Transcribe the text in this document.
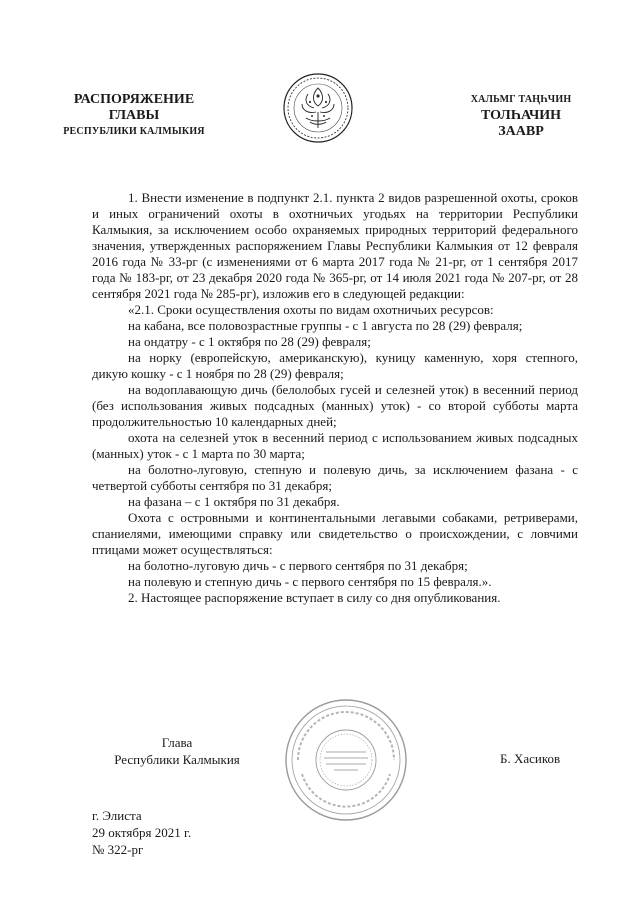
РАСПОРЯЖЕНИЕ
ГЛАВЫ
РЕСПУБЛИКИ КАЛМЫКИЯ
ХАЛЬМГ ТАҢҺЧИН
ТОЛҺАЧИН
ЗААВР

1. Внести изменение в подпункт 2.1. пункта 2 видов разрешенной охоты, сроков и иных ограничений охоты в охотничьих угодьях на территории Республики Калмыкия, за исключением особо охраняемых природных территорий федерального значения, утвержденных распоряжением Главы Республики Калмыкия от 12 февраля 2016 года № 33-рг (с изменениями от 6 марта 2017 года № 21-рг, от 1 сентября 2017 года № 183-рг, от 23 декабря 2020 года № 365-рг, от 14 июля 2021 года № 207-рг, от 28 сентября 2021 года № 285-рг), изложив его в следующей редакции:

«2.1. Сроки осуществления охоты по видам охотничьих ресурсов:

на кабана, все половозрастные группы - с 1 августа по 28 (29) февраля;

на ондатру - с 1 октября по 28 (29) февраля;

на норку (европейскую, американскую), куницу каменную, хоря степного, дикую кошку - с 1 ноября по 28 (29) февраля;

на водоплавающую дичь (белолобых гусей и селезней уток) в весенний период (без использования живых подсадных (манных) уток) - со второй субботы марта продолжительностью 10 календарных дней;

охота на селезней уток в весенний период с использованием живых подсадных (манных) уток - с 1 марта по 30 марта;

на болотно-луговую, степную и полевую дичь, за исключением фазана - с четвертой субботы сентября по 31 декабря;

на фазана – с 1 октября по 31 декабря.

Охота с островными и континентальными легавыми собаками, ретриверами, спаниелями, имеющими справку или свидетельство о происхождении, с ловчими птицами может осуществляться:

на болотно-луговую дичь - с первого сентября по 31 декабря;

на полевую и степную дичь - с первого сентября по 15 февраля.».

2. Настоящее распоряжение вступает в силу со дня опубликования.

Глава
Республики Калмыкия	Б. Хасиков
г. Элиста
29 октября 2021 г.
№ 322-рг
